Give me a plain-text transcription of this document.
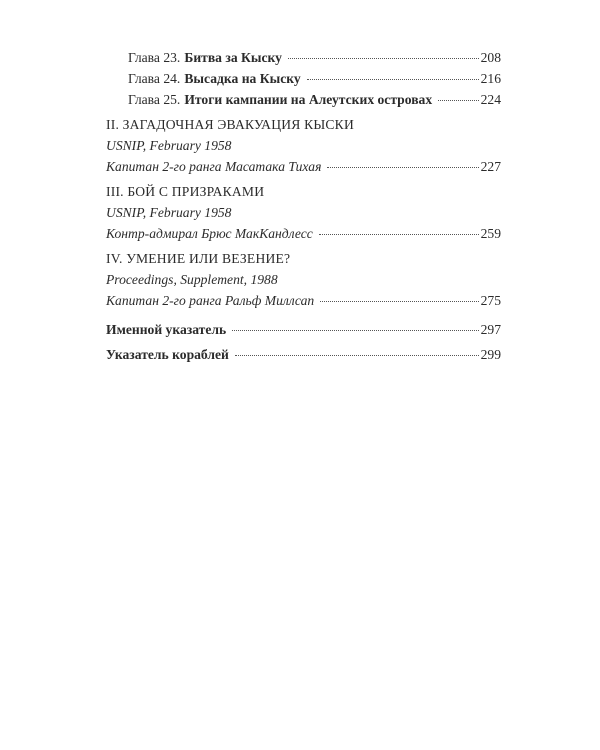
Глава 23. Битва за Кыску	208
Глава 24. Высадка на Кыску	216
Глава 25. Итоги кампании на Алеутских островах	224
II. ЗАГАДОЧНАЯ ЭВАКУАЦИЯ КЫСКИ
USNIP, February 1958
Капитан 2-го ранга Масатака Тихая	227
III. БОЙ С ПРИЗРАКАМИ
USNIP, February 1958
Контр-адмирал Брюс МакКандлесс	259
IV. УМЕНИЕ ИЛИ ВЕЗЕНИЕ?
Proceedings, Supplement, 1988
Капитан 2-го ранга Ральф Миллсап	275
Именной указатель	297
Указатель кораблей	299
